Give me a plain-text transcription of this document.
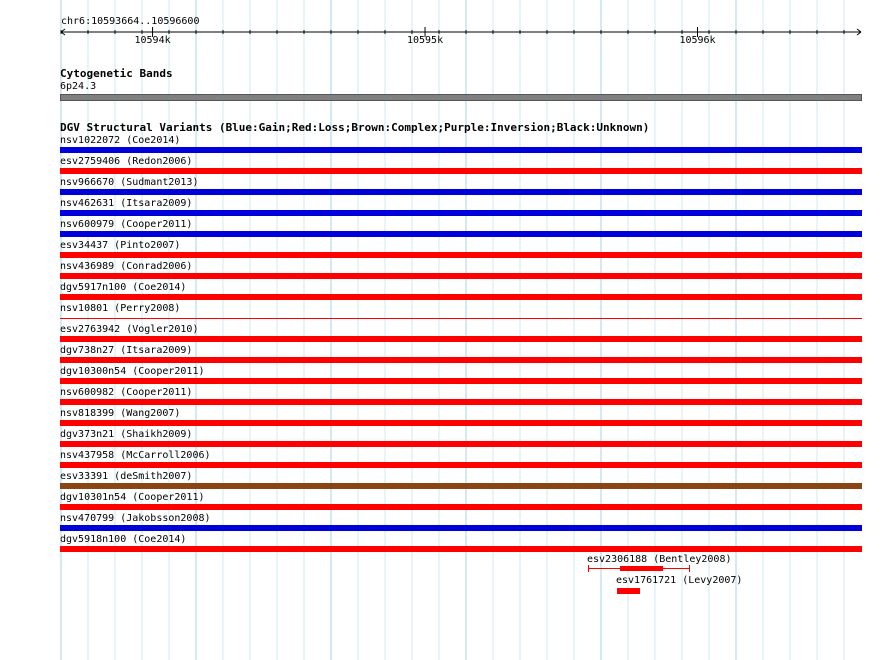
chr6:10593664..10596600
10594k	10595k	10596k
Cytogenetic Bands
6p24.3
DGV Structural Variants (Blue:Gain;Red:Loss;Brown:Complex;Purple:Inversion;Black:Unknown)
nsv1022072 (Coe2014)
esv2759406 (Redon2006)
nsv966670 (Sudmant2013)
nsv462631 (Itsara2009)
nsv600979 (Cooper2011)
esv34437 (Pinto2007)
nsv436989 (Conrad2006)
dgv5917n100 (Coe2014)
nsv10801 (Perry2008)
esv2763942 (Vogler2010)
dgv738n27 (Itsara2009)
dgv10300n54 (Cooper2011)
nsv600982 (Cooper2011)
nsv818399 (Wang2007)
dgv373n21 (Shaikh2009)
nsv437958 (McCarroll2006)
esv33391 (deSmith2007)
dgv10301n54 (Cooper2011)
nsv470799 (Jakobsson2008)
dgv5918n100 (Coe2014)
esv2306188 (Bentley2008)
esv1761721 (Levy2007)
